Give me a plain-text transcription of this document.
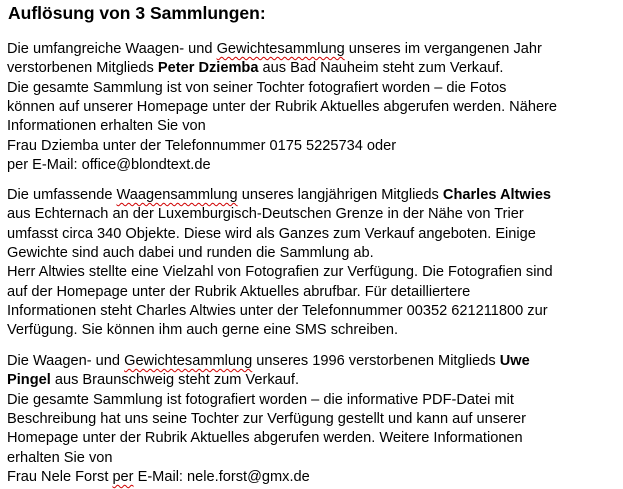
Auflösung von 3 Sammlungen:
Die umfangreiche Waagen- und Gewichtesammlung unseres im vergangenen Jahr
verstorbenen Mitglieds Peter Dziemba aus Bad Nauheim steht zum Verkauf.
Die gesamte Sammlung ist von seiner Tochter fotografiert worden – die Fotos
können auf unserer Homepage unter der Rubrik Aktuelles abgerufen werden. Nähere
Informationen erhalten Sie von
Frau Dziemba unter der Telefonnummer 0175 5225734 oder
per E-Mail: office@blondtext.de
Die umfassende Waagensammlung unseres langjährigen Mitglieds Charles Altwies
aus Echternach an der Luxemburgisch-Deutschen Grenze in der Nähe von Trier
umfasst circa 340 Objekte. Diese wird als Ganzes zum Verkauf angeboten. Einige
Gewichte sind auch dabei und runden die Sammlung ab.
Herr Altwies stellte eine Vielzahl von Fotografien zur Verfügung. Die Fotografien sind
auf der Homepage unter der Rubrik Aktuelles abrufbar. Für detailliertere
Informationen steht Charles Altwies unter der Telefonnummer 00352 621211800 zur
Verfügung. Sie können ihm auch gerne eine SMS schreiben.
Die Waagen- und Gewichtesammlung unseres 1996 verstorbenen Mitglieds Uwe
Pingel aus Braunschweig steht zum Verkauf.
Die gesamte Sammlung ist fotografiert worden – die informative PDF-Datei mit
Beschreibung hat uns seine Tochter zur Verfügung gestellt und kann auf unserer
Homepage unter der Rubrik Aktuelles abgerufen werden. Weitere Informationen
erhalten Sie von
Frau Nele Forst per E-Mail: nele.forst@gmx.de
